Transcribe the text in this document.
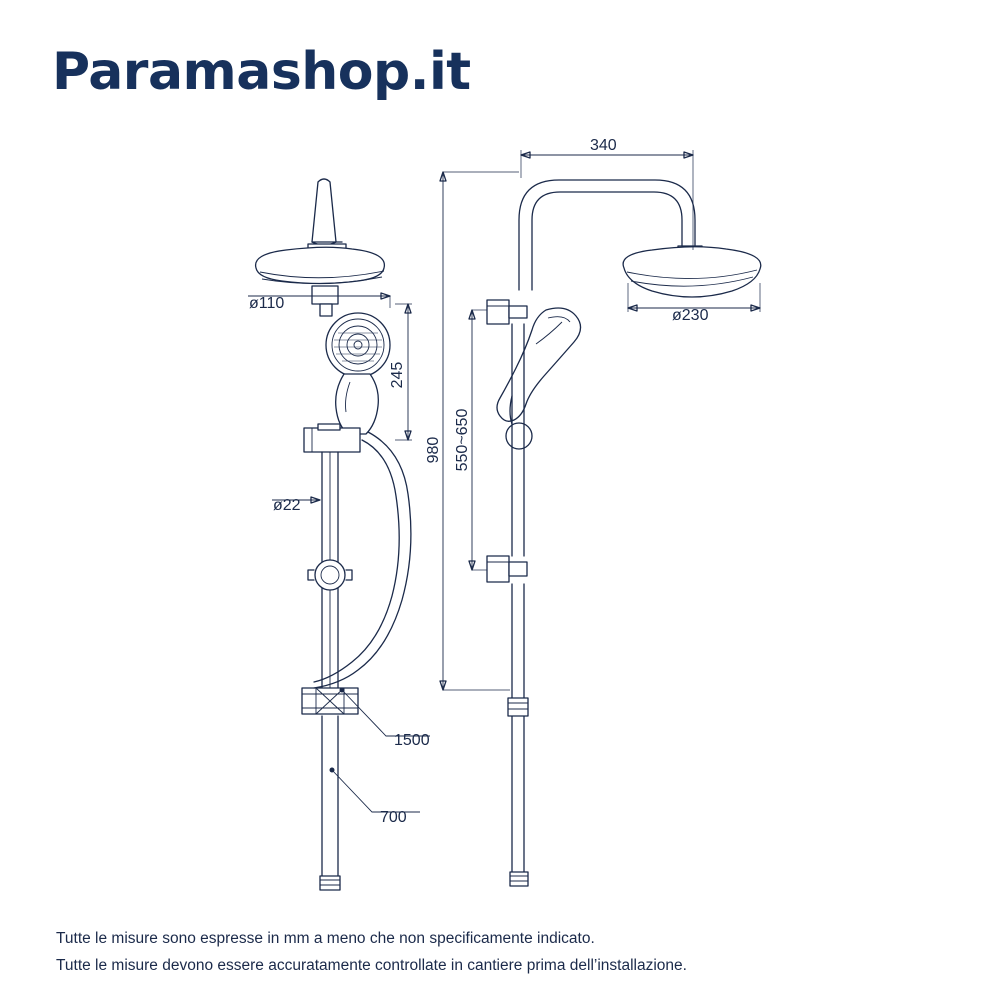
Paramashop.it
340
ø230
980 550~650
ø110
245
ø22
1500
700
Tutte le misure sono espresse in mm a meno che non specificamente indicato.
Tutte le misure devono essere accuratamente controllate in cantiere prima dell’installazione.
